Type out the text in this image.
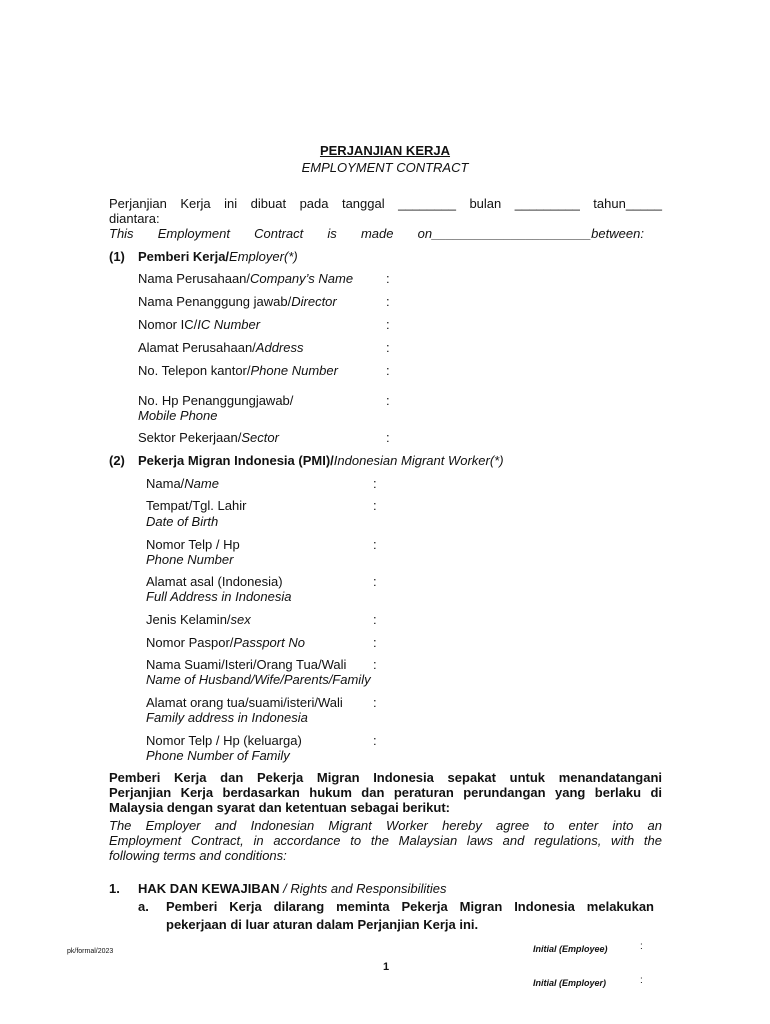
PERJANJIAN KERJA
EMPLOYMENT CONTRACT
Perjanjian Kerja ini dibuat pada tanggal ________ bulan _________ tahun_____
diantara:
This Employment Contract is made on______________________between:
(1) Pemberi Kerja/Employer(*)
Nama Perusahaan/Company’s Name	:
Nama Penanggung jawab/Director	:
Nomor IC/IC Number	:
Alamat Perusahaan/Address	:
No. Telepon kantor/Phone Number	:
No. Hp Penanggungjawab/
Mobile Phone
:
Sektor Pekerjaan/Sector	:
(2) Pekerja Migran Indonesia (PMI)/Indonesian Migrant Worker(*)
Nama/Name	:
Tempat/Tgl. Lahir
Date of Birth
:
Nomor Telp / Hp
Phone Number
:
Alamat asal (Indonesia)
Full Address in Indonesia
:
Jenis Kelamin/sex	:
Nomor Paspor/Passport No	:
Nama Suami/Isteri/Orang Tua/Wali
Name of Husband/Wife/Parents/Family
:
Alamat orang tua/suami/isteri/Wali
Family address in Indonesia
:
Nomor Telp / Hp (keluarga)
Phone Number of Family
:
Pemberi Kerja dan Pekerja Migran Indonesia sepakat untuk menandatangani
Perjanjian Kerja berdasarkan hukum dan peraturan perundangan yang berlaku di
Malaysia dengan syarat dan ketentuan sebagai berikut:
The Employer and Indonesian Migrant Worker hereby agree to enter into an
Employment Contract, in accordance to the Malaysian laws and regulations, with the
following terms and conditions:
1. HAK DAN KEWAJIBAN / Rights and Responsibilities
a. Pemberi Kerja dilarang meminta Pekerja Migran Indonesia melakukan
pekerjaan di luar aturan dalam Perjanjian Kerja ini.
pk/formal/2023	Initial (Employee)	:
1
Initial (Employer)	:
